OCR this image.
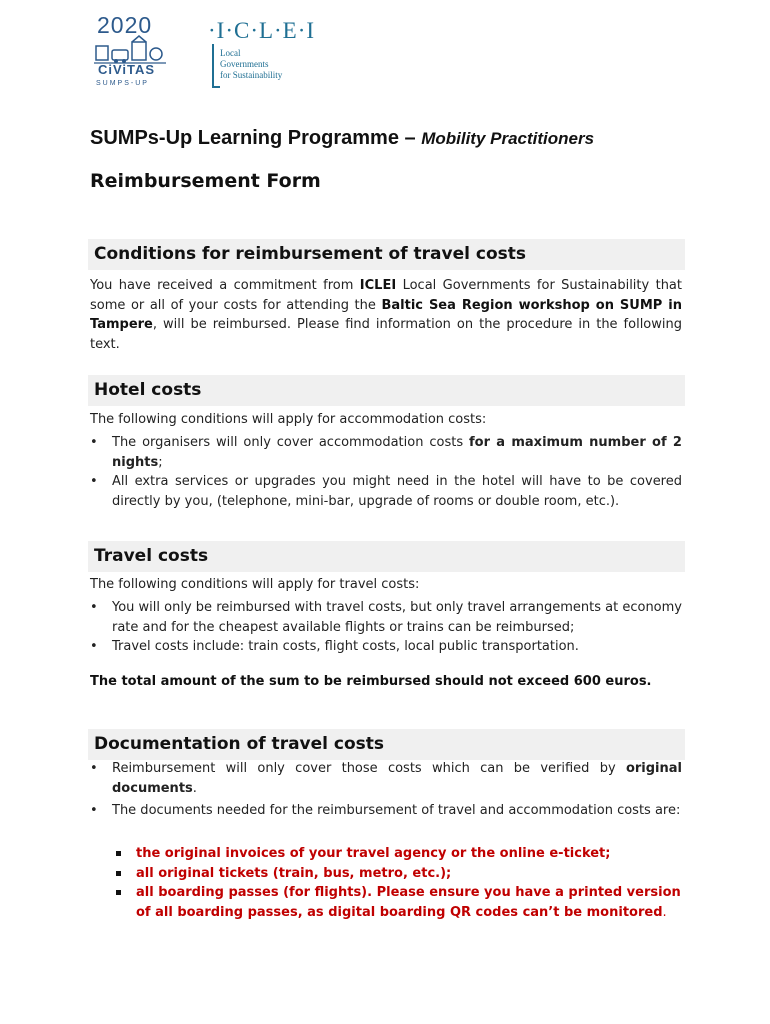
2020
CiViTAS
SUMPS-UP
·I·C·L·E·I
Local
Governments
for Sustainability
SUMPs-Up Learning Programme – Mobility Practitioners
Reimbursement Form
Conditions for reimbursement of travel costs
You have received a commitment from ICLEI Local Governments for Sustainability that some or all of your costs for attending the Baltic Sea Region workshop on SUMP in Tampere, will be reimbursed. Please find information on the procedure in the following text.
Hotel costs
The following conditions will apply for accommodation costs:
• The organisers will only cover accommodation costs for a maximum number of 2 nights;
• All extra services or upgrades you might need in the hotel will have to be covered directly by you, (telephone, mini-bar, upgrade of rooms or double room, etc.).
Travel costs
The following conditions will apply for travel costs:
• You will only be reimbursed with travel costs, but only travel arrangements at economy rate and for the cheapest available flights or trains can be reimbursed;
• Travel costs include: train costs, flight costs, local public transportation.
The total amount of the sum to be reimbursed should not exceed 600 euros.
Documentation of travel costs
• Reimbursement will only cover those costs which can be verified by original documents.
• The documents needed for the reimbursement of travel and accommodation costs are:
the original invoices of your travel agency or the online e-ticket;
all original tickets (train, bus, metro, etc.);
all boarding passes (for flights). Please ensure you have a printed version of all boarding passes, as digital boarding QR codes can’t be monitored.
